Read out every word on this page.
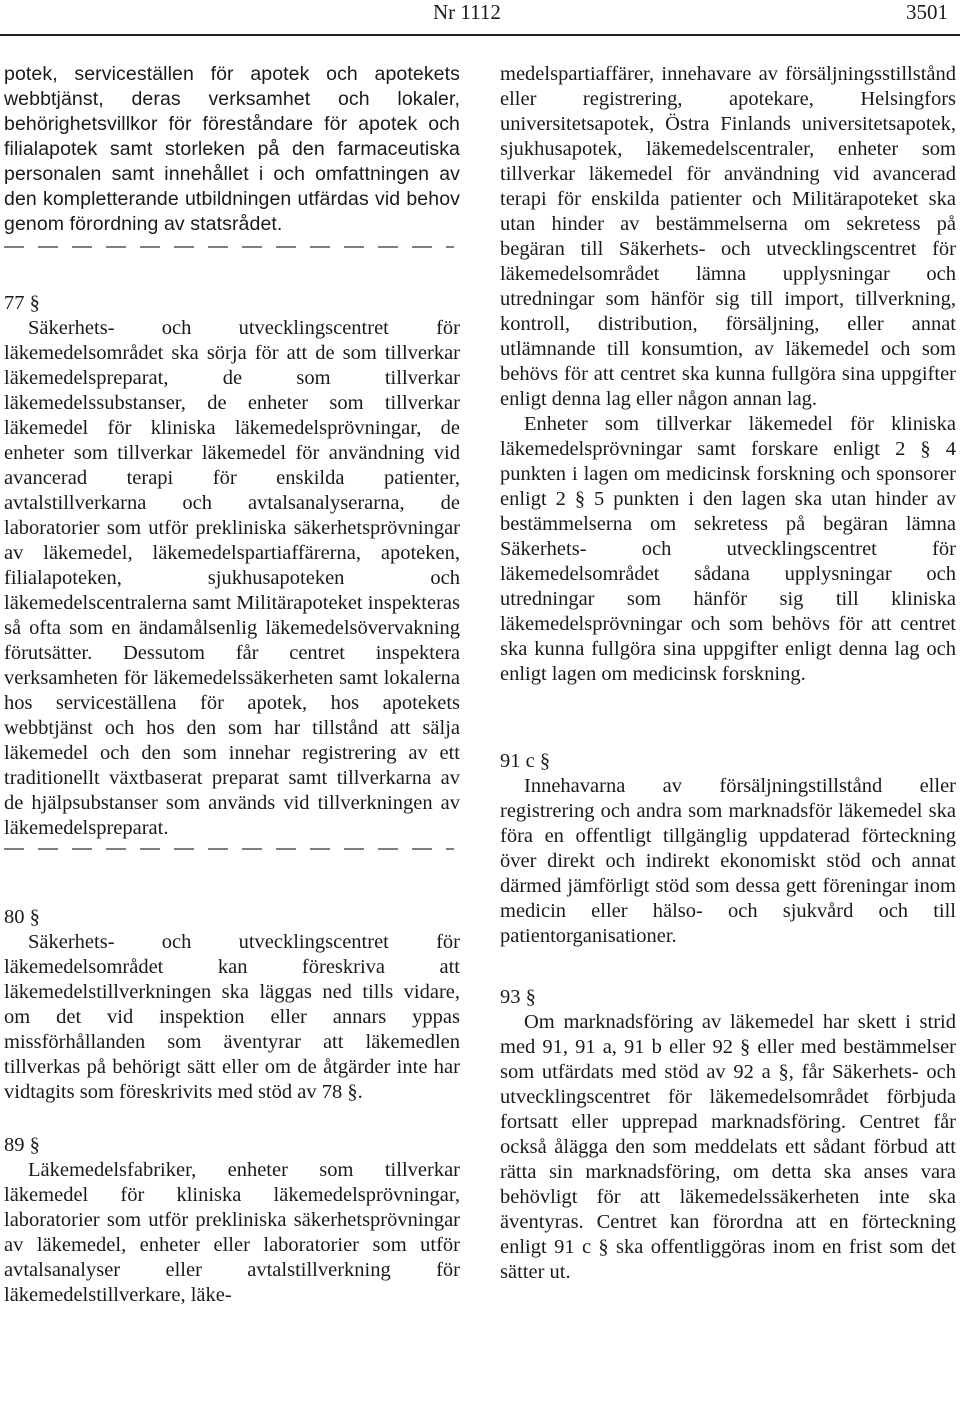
Nr 1112	3501

potek, serviceställen för apotek och apotekets webbtjänst, deras verksamhet och lokaler, behörighetsvillkor för föreståndare för apotek och filialapotek samt storleken på den farmaceutiska personalen samt innehållet i och omfattningen av den kompletterande utbildningen utfärdas vid behov genom förordning av statsrådet.

77 §

Säkerhets- och utvecklingscentret för läkemedelsområdet ska sörja för att de som tillverkar läkemedelspreparat, de som tillverkar läkemedelssubstanser, de enheter som tillverkar läkemedel för kliniska läkemedelsprövningar, de enheter som tillverkar läkemedel för användning vid avancerad terapi för enskilda patienter, avtalstillverkarna och avtalsanalyserarna, de laboratorier som utför prekliniska säkerhetsprövningar av läkemedel, läkemedelspartiaffärerna, apoteken, filialapoteken, sjukhusapoteken och läkemedelscentralerna samt Militärapoteket inspekteras så ofta som en ändamålsenlig läkemedelsövervakning förutsätter. Dessutom får centret inspektera verksamheten för läkemedelssäkerheten samt lokalerna hos serviceställena för apotek, hos apotekets webbtjänst och hos den som har tillstånd att sälja läkemedel och den som innehar registrering av ett traditionellt växtbaserat preparat samt tillverkarna av de hjälpsubstanser som används vid tillverkningen av läkemedelspreparat.

80 §

Säkerhets- och utvecklingscentret för läkemedelsområdet kan föreskriva att läkemedelstillverkningen ska läggas ned tills vidare, om det vid inspektion eller annars yppas missförhållanden som äventyrar att läkemedlen tillverkas på behörigt sätt eller om de åtgärder inte har vidtagits som föreskrivits med stöd av 78 §.

89 §

Läkemedelsfabriker, enheter som tillverkar läkemedel för kliniska läkemedelsprövningar, laboratorier som utför prekliniska säkerhetsprövningar av läkemedel, enheter eller laboratorier som utför avtalsanalyser eller avtalstillverkning för läkemedelstillverkare, läke-

medelspartiaffärer, innehavare av försäljningsstillstånd eller registrering, apotekare, Helsingfors universitetsapotek, Östra Finlands universitetsapotek, sjukhusapotek, läkemedelscentraler, enheter som tillverkar läkemedel för användning vid avancerad terapi för enskilda patienter och Militärapoteket ska utan hinder av bestämmelserna om sekretess på begäran till Säkerhets- och utvecklingscentret för läkemedelsområdet lämna upplysningar och utredningar som hänför sig till import, tillverkning, kontroll, distribution, försäljning, eller annat utlämnande till konsumtion, av läkemedel och som behövs för att centret ska kunna fullgöra sina uppgifter enligt denna lag eller någon annan lag.

Enheter som tillverkar läkemedel för kliniska läkemedelsprövningar samt forskare enligt 2 § 4 punkten i lagen om medicinsk forskning och sponsorer enligt 2 § 5 punkten i den lagen ska utan hinder av bestämmelserna om sekretess på begäran lämna Säkerhets- och utvecklingscentret för läkemedelsområdet sådana upplysningar och utredningar som hänför sig till kliniska läkemedelsprövningar och som behövs för att centret ska kunna fullgöra sina uppgifter enligt denna lag och enligt lagen om medicinsk forskning.

91 c §

Innehavarna av försäljningstillstånd eller registrering och andra som marknadsför läkemedel ska föra en offentligt tillgänglig uppdaterad förteckning över direkt och indirekt ekonomiskt stöd och annat därmed jämförligt stöd som dessa gett föreningar inom medicin eller hälso- och sjukvård och till patientorganisationer.

93 §

Om marknadsföring av läkemedel har skett i strid med 91, 91 a, 91 b eller 92 § eller med bestämmelser som utfärdats med stöd av 92 a §, får Säkerhets- och utvecklingscentret för läkemedelsområdet förbjuda fortsatt eller upprepad marknadsföring. Centret får också ålägga den som meddelats ett sådant förbud att rätta sin marknadsföring, om detta ska anses vara behövligt för att läkemedelssäkerheten inte ska äventyras. Centret kan förordna att en förteckning enligt 91 c § ska offentliggöras inom en frist som det sätter ut.
